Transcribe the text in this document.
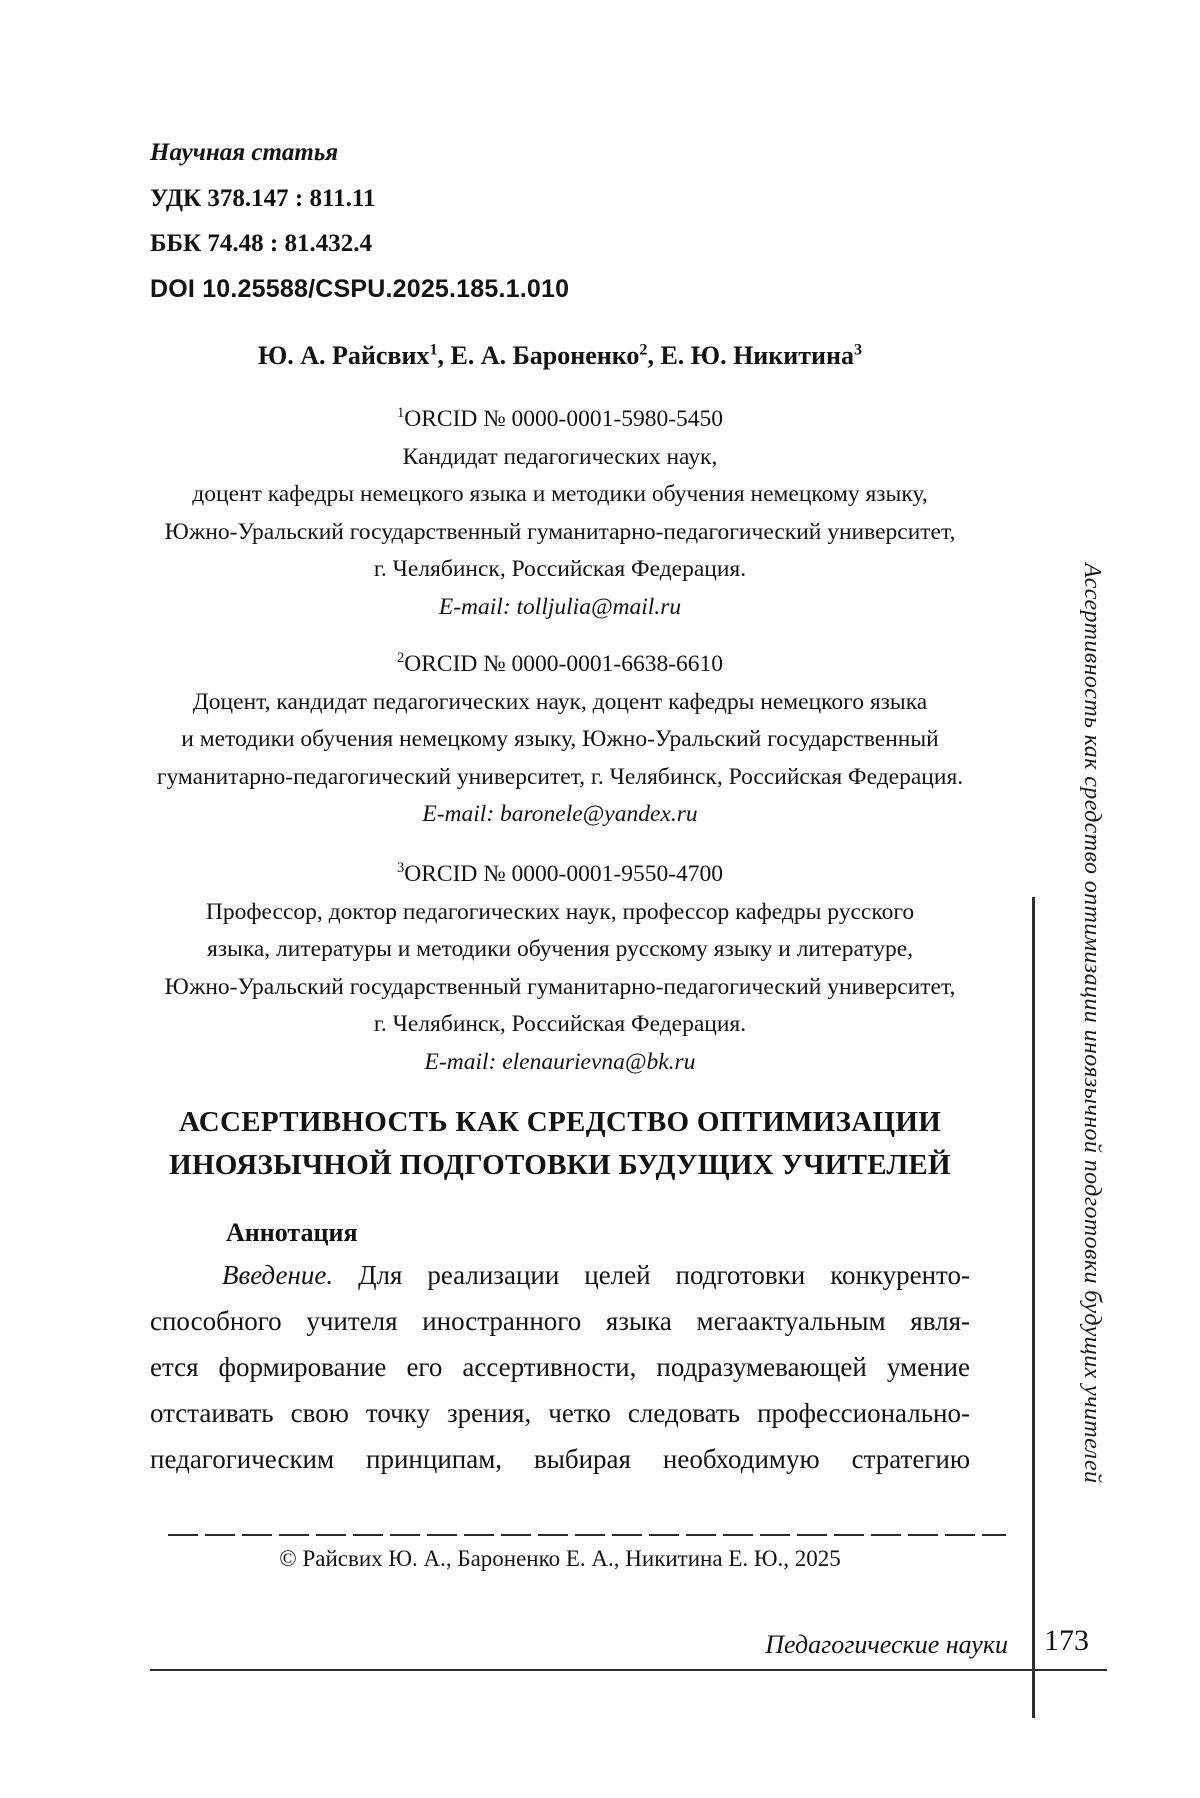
Научная статья
УДК 378.147 : 811.11
ББК 74.48 : 81.432.4
DOI 10.25588/CSPU.2025.185.1.010
Ю. А. Райсвих$^1$, Е. А. Бароненко$^2$, Е. Ю. Никитина$^3$
$^1$ORCID № 0000-0001-5980-5450
Кандидат педагогических наук,
доцент кафедры немецкого языка и методики обучения немецкому языку,
Южно-Уральский государственный гуманитарно-педагогический университет,
г. Челябинск, Российская Федерация.
E-mail: tolljulia@mail.ru
$^2$ORCID № 0000-0001-6638-6610
Доцент, кандидат педагогических наук, доцент кафедры немецкого языка
и методики обучения немецкому языку, Южно-Уральский государственный
гуманитарно-педагогический университет, г. Челябинск, Российская Федерация.
E-mail: baronele@yandex.ru
$^3$ORCID № 0000-0001-9550-4700
Профессор, доктор педагогических наук, профессор кафедры русского
языка, литературы и методики обучения русскому языку и литературе,
Южно-Уральский государственный гуманитарно-педагогический университет,
г. Челябинск, Российская Федерация.
E-mail: elenaurievna@bk.ru
АССЕРТИВНОСТЬ КАК СРЕДСТВО ОПТИМИЗАЦИИ
ИНОЯЗЫЧНОЙ ПОДГОТОВКИ БУДУЩИХ УЧИТЕЛЕЙ
Аннотация
Введение. Для реализации целей подготовки конкуренто-
способного учителя иностранного языка мегаактуальным явля-
ется формирование его ассертивности, подразумевающей умение
отстаивать свою точку зрения, четко следовать профессионально-
педагогическим принципам, выбирая необходимую стратегию
© Райсвих Ю. А., Бароненко Е. А., Никитина Е. Ю., 2025
Педагогические науки 173
Ассертивность как средство оптимизации иноязычной подготовки будущих учителей
